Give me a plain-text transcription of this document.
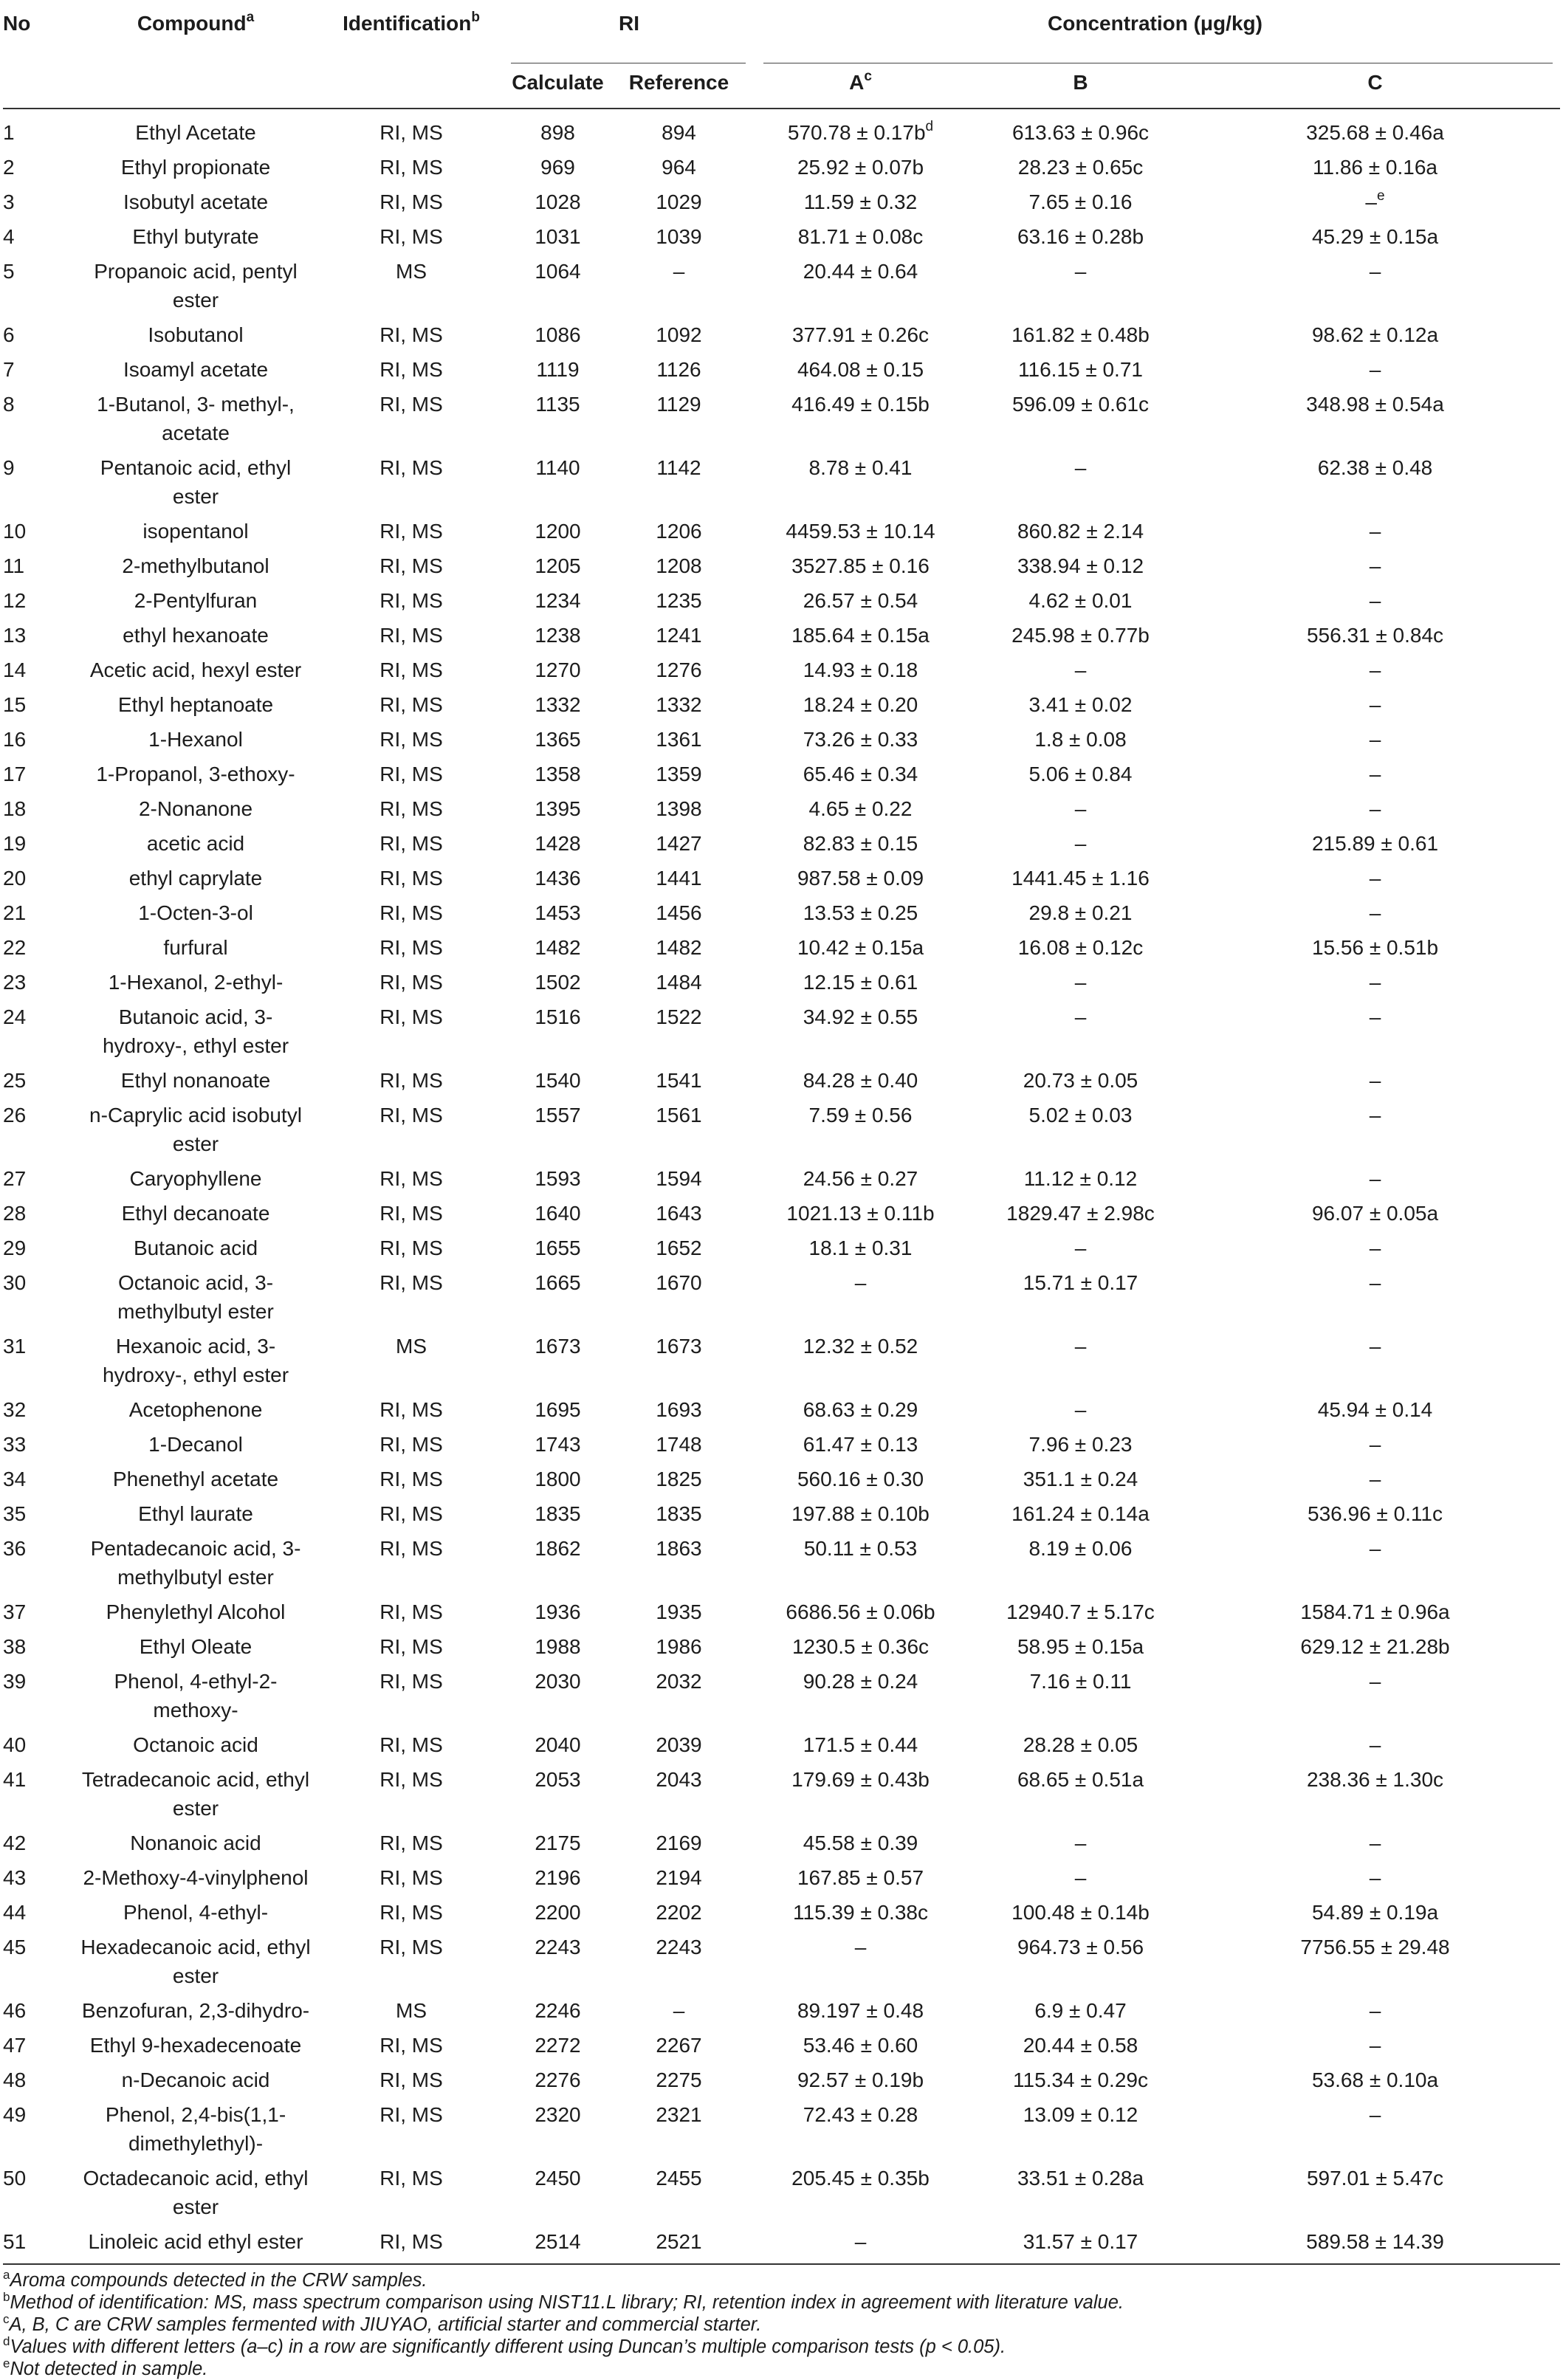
No	Compound$^a$	Identification$^b$	RI		Concentration (μg/kg)		
			Calculate	Reference	$A^c$	B	C
1	Ethyl Acetate	RI, MS	898	894	$570.78 \pm 0.17b^d$	613.63 ± 0.96c	325.68 ± 0.46a
2	Ethyl propionate	RI, MS	969	964	25.92 ± 0.07b	28.23 ± 0.65c	11.86 ± 0.16a
3	Isobutyl acetate	RI, MS	1028	1029	11.59 ± 0.32	7.65 ± 0.16	–$^e$
4	Ethyl butyrate	RI, MS	1031	1039	81.71 ± 0.08c	63.16 ± 0.28b	45.29 ± 0.15a
5	Propanoic acid, pentyl ester	MS	1064	–	20.44 ± 0.64	–	–
6	Isobutanol	RI, MS	1086	1092	377.91 ± 0.26c	161.82 ± 0.48b	98.62 ± 0.12a
7	Isoamyl acetate	RI, MS	1119	1126	464.08 ± 0.15	116.15 ± 0.71	–
8	1-Butanol, 3- methyl-, acetate	RI, MS	1135	1129	416.49 ± 0.15b	596.09 ± 0.61c	348.98 ± 0.54a
9	Pentanoic acid, ethyl ester	RI, MS	1140	1142	8.78 ± 0.41	–	62.38 ± 0.48
10	isopentanol	RI, MS	1200	1206	4459.53 ± 10.14	860.82 ± 2.14	–
11	2-methylbutanol	RI, MS	1205	1208	3527.85 ± 0.16	338.94 ± 0.12	–
12	2-Pentylfuran	RI, MS	1234	1235	26.57 ± 0.54	4.62 ± 0.01	–
13	ethyl hexanoate	RI, MS	1238	1241	185.64 ± 0.15a	245.98 ± 0.77b	556.31 ± 0.84c
14	Acetic acid, hexyl ester	RI, MS	1270	1276	14.93 ± 0.18	–	–
15	Ethyl heptanoate	RI, MS	1332	1332	18.24 ± 0.20	3.41 ± 0.02	–
16	1-Hexanol	RI, MS	1365	1361	73.26 ± 0.33	1.8 ± 0.08	–
17	1-Propanol, 3-ethoxy-	RI, MS	1358	1359	65.46 ± 0.34	5.06 ± 0.84	–
18	2-Nonanone	RI, MS	1395	1398	4.65 ± 0.22	–	–
19	acetic acid	RI, MS	1428	1427	82.83 ± 0.15	–	215.89 ± 0.61
20	ethyl caprylate	RI, MS	1436	1441	987.58 ± 0.09	1441.45 ± 1.16	–
21	1-Octen-3-ol	RI, MS	1453	1456	13.53 ± 0.25	29.8 ± 0.21	–
22	furfural	RI, MS	1482	1482	10.42 ± 0.15a	16.08 ± 0.12c	15.56 ± 0.51b
23	1-Hexanol, 2-ethyl-	RI, MS	1502	1484	12.15 ± 0.61	–	–
24	Butanoic acid, 3- hydroxy-, ethyl ester	RI, MS	1516	1522	34.92 ± 0.55	–	–
25	Ethyl nonanoate	RI, MS	1540	1541	84.28 ± 0.40	20.73 ± 0.05	–
26	n-Caprylic acid isobutyl ester	RI, MS	1557	1561	7.59 ± 0.56	5.02 ± 0.03	–
27	Caryophyllene	RI, MS	1593	1594	24.56 ± 0.27	11.12 ± 0.12	–
28	Ethyl decanoate	RI, MS	1640	1643	1021.13 ± 0.11b	1829.47 ± 2.98c	96.07 ± 0.05a
29	Butanoic acid	RI, MS	1655	1652	18.1 ± 0.31	–	–
30	Octanoic acid, 3-methylbutyl ester	RI, MS	1665	1670	–	15.71 ± 0.17	–
31	Hexanoic acid, 3- hydroxy-, ethyl ester	MS	1673	1673	12.32 ± 0.52	–	–
32	Acetophenone	RI, MS	1695	1693	68.63 ± 0.29	–	45.94 ± 0.14
33	1-Decanol	RI, MS	1743	1748	61.47 ± 0.13	7.96 ± 0.23	–
34	Phenethyl acetate	RI, MS	1800	1825	560.16 ± 0.30	351.1 ± 0.24	–
35	Ethyl laurate	RI, MS	1835	1835	197.88 ± 0.10b	161.24 ± 0.14a	536.96 ± 0.11c
36	Pentadecanoic acid, 3-methylbutyl ester	RI, MS	1862	1863	50.11 ± 0.53	8.19 ± 0.06	–
37	Phenylethyl Alcohol	RI, MS	1936	1935	6686.56 ± 0.06b	12940.7 ± 5.17c	1584.71 ± 0.96a
38	Ethyl Oleate	RI, MS	1988	1986	1230.5 ± 0.36c	58.95 ± 0.15a	629.12 ± 21.28b
39	Phenol, 4-ethyl-2-methoxy-	RI, MS	2030	2032	90.28 ± 0.24	7.16 ± 0.11	–
40	Octanoic acid	RI, MS	2040	2039	171.5 ± 0.44	28.28 ± 0.05	–
41	Tetradecanoic acid, ethyl ester	RI, MS	2053	2043	179.69 ± 0.43b	68.65 ± 0.51a	238.36 ± 1.30c
42	Nonanoic acid	RI, MS	2175	2169	45.58 ± 0.39	–	–
43	2-Methoxy-4-vinylphenol	RI, MS	2196	2194	167.85 ± 0.57	–	–
44	Phenol, 4-ethyl-	RI, MS	2200	2202	115.39 ± 0.38c	100.48 ± 0.14b	54.89 ± 0.19a
45	Hexadecanoic acid, ethyl ester	RI, MS	2243	2243	–	964.73 ± 0.56	7756.55 ± 29.48
46	Benzofuran, 2,3-dihydro-	MS	2246	–	89.197 ± 0.48	6.9 ± 0.47	–
47	Ethyl 9-hexadecenoate	RI, MS	2272	2267	53.46 ± 0.60	20.44 ± 0.58	–
48	n-Decanoic acid	RI, MS	2276	2275	92.57 ± 0.19b	115.34 ± 0.29c	53.68 ± 0.10a
49	Phenol, 2,4-bis(1,1-dimethylethyl)-	RI, MS	2320	2321	72.43 ± 0.28	13.09 ± 0.12	–
50	Octadecanoic acid, ethyl ester	RI, MS	2450	2455	205.45 ± 0.35b	33.51 ± 0.28a	597.01 ± 5.47c
51	Linoleic acid ethyl ester	RI, MS	2514	2521	–	31.57 ± 0.17	589.58 ± 14.39
$^a$Aroma compounds detected in the CRW samples.
$^b$Method of identification: MS, mass spectrum comparison using NIST11.L library; RI, retention index in agreement with literature value.
$^c$A, B, C are CRW samples fermented with JIUYAO, artificial starter and commercial starter.
$^d$Values with different letters (a–c) in a row are significantly different using Duncan’s multiple comparison tests (p < 0.05).
$^e$Not detected in sample.
